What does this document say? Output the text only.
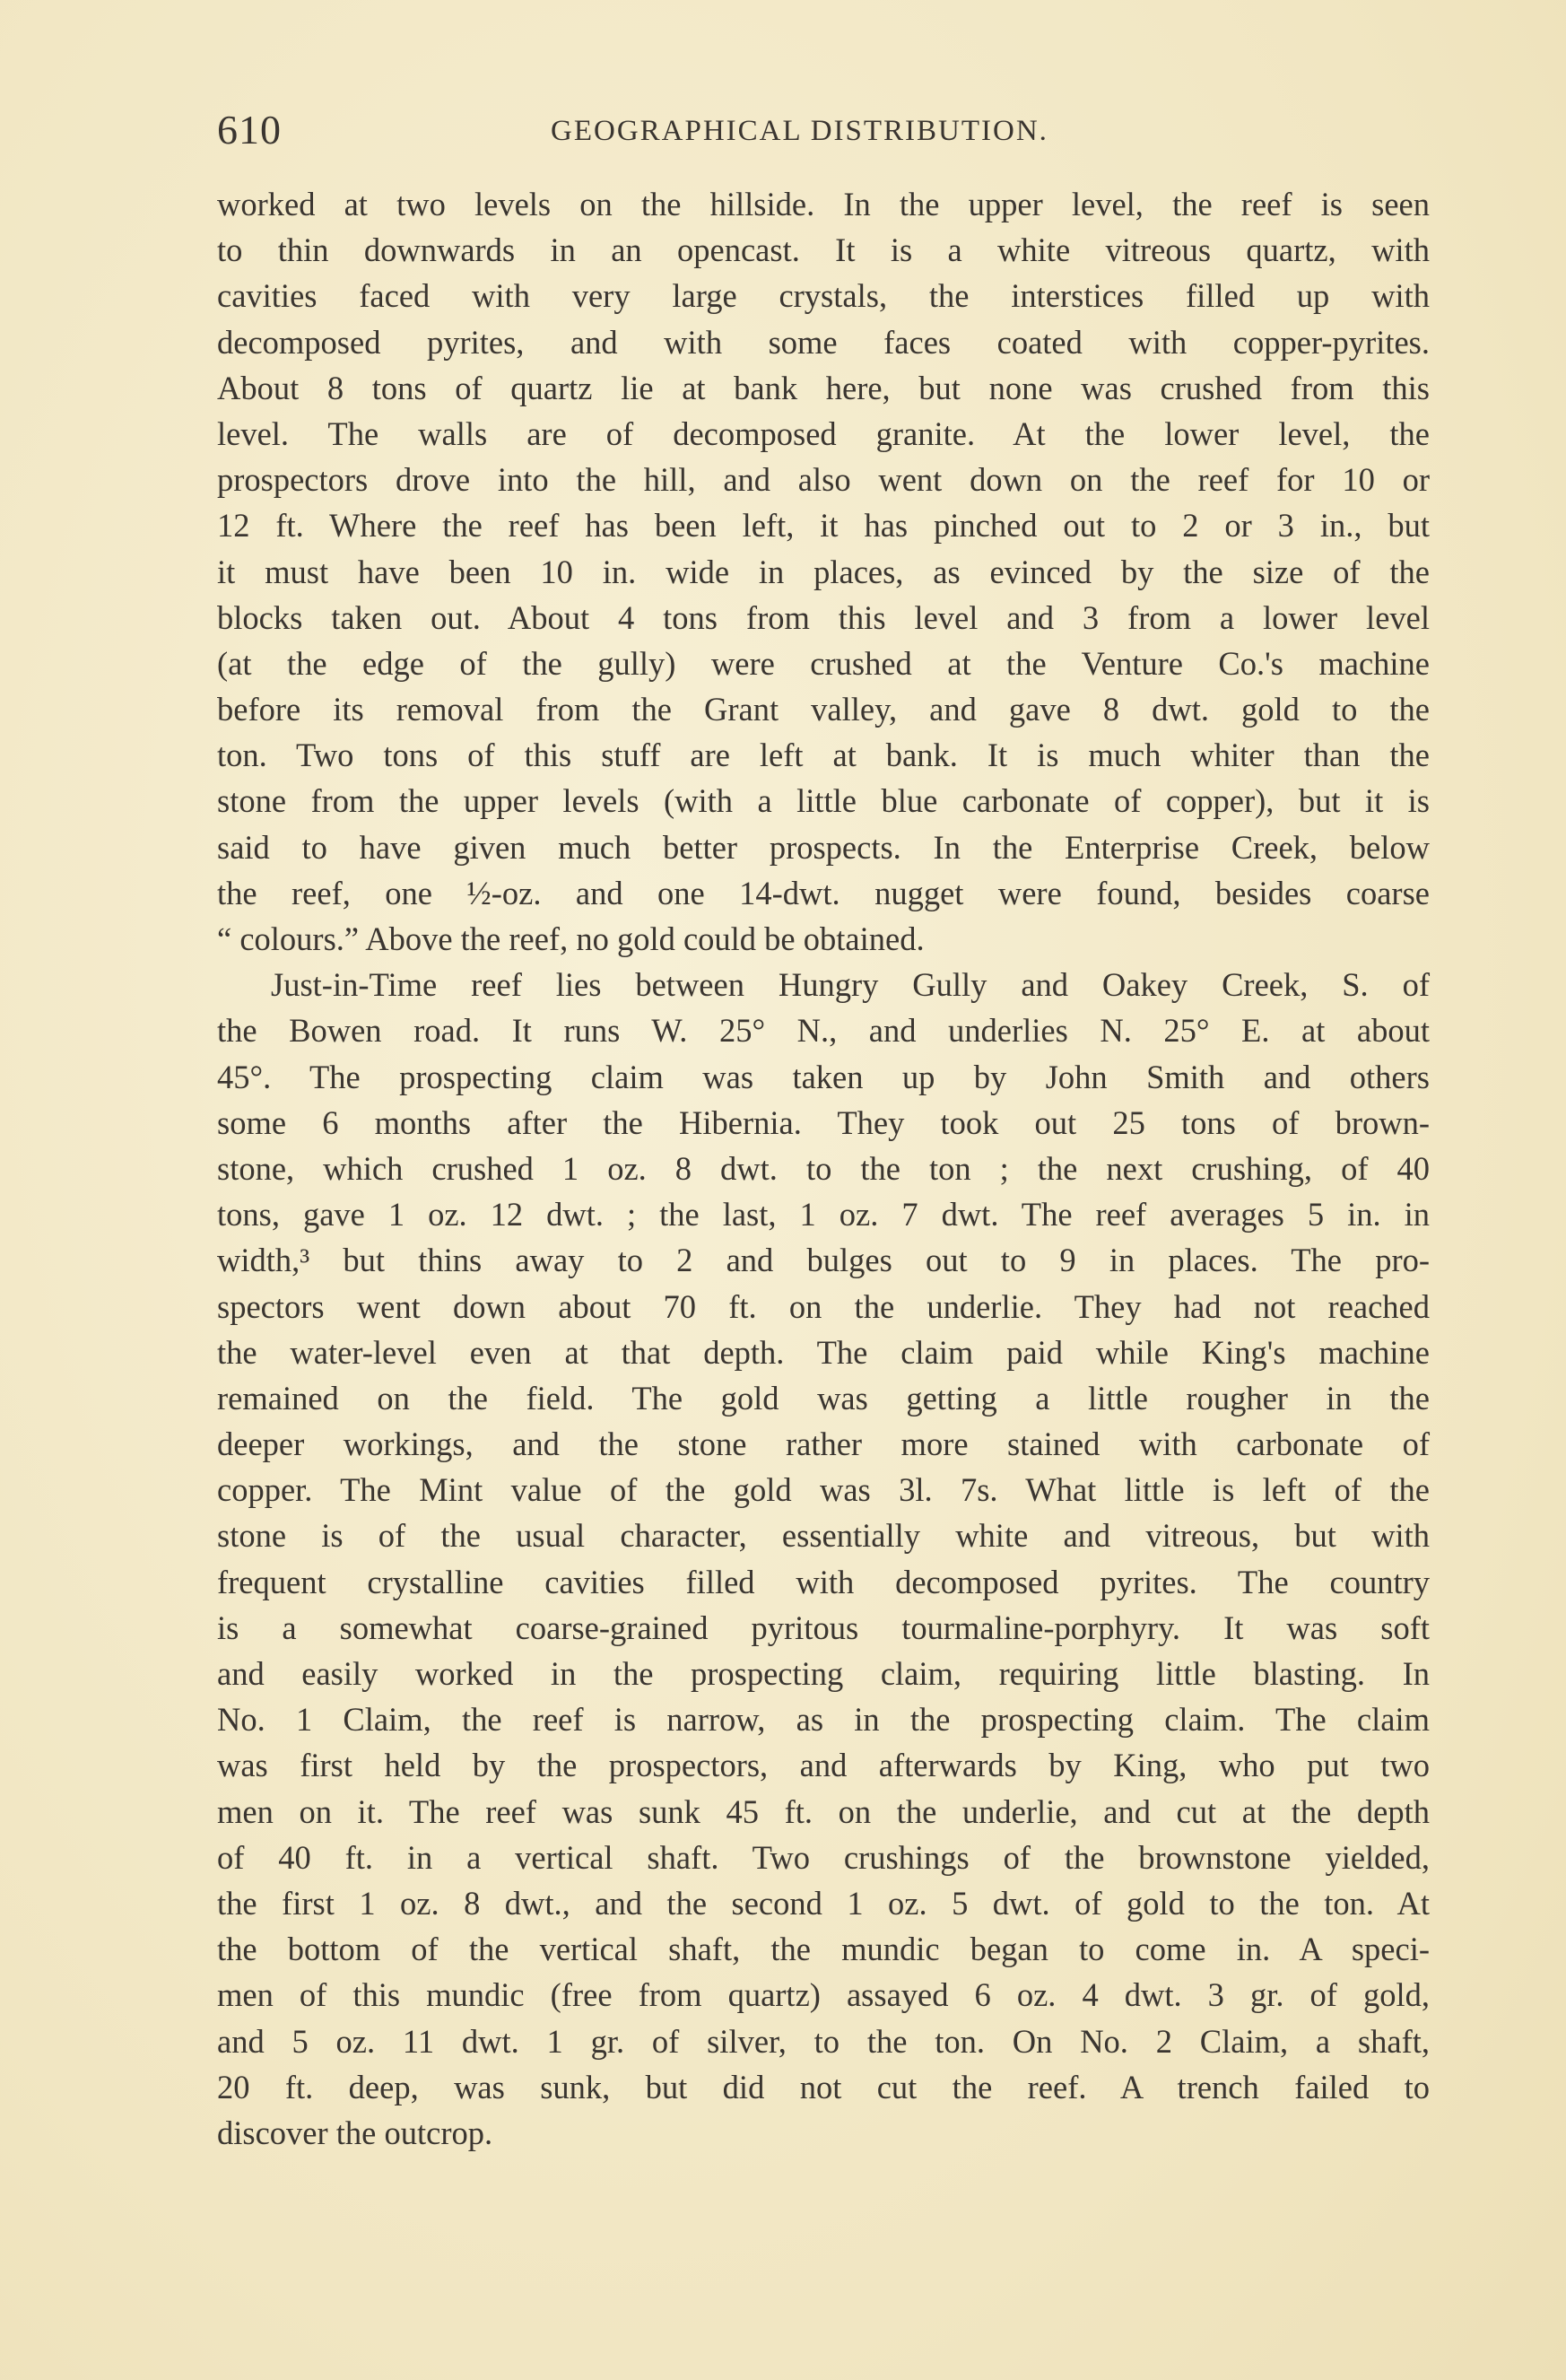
610	GEOGRAPHICAL DISTRIBUTION.
worked at two levels on the hillside. In the upper level, the reef is seen
to thin downwards in an opencast. It is a white vitreous quartz, with
cavities faced with very large crystals, the interstices filled up with
decomposed pyrites, and with some faces coated with copper-pyrites.
About 8 tons of quartz lie at bank here, but none was crushed from this
level. The walls are of decomposed granite. At the lower level, the
prospectors drove into the hill, and also went down on the reef for 10 or
12 ft. Where the reef has been left, it has pinched out to 2 or 3 in., but
it must have been 10 in. wide in places, as evinced by the size of the
blocks taken out. About 4 tons from this level and 3 from a lower level
(at the edge of the gully) were crushed at the Venture Co.'s machine
before its removal from the Grant valley, and gave 8 dwt. gold to the
ton. Two tons of this stuff are left at bank. It is much whiter than the
stone from the upper levels (with a little blue carbonate of copper), but it is
said to have given much better prospects. In the Enterprise Creek, below
the reef, one ½-oz. and one 14-dwt. nugget were found, besides coarse
“ colours.” Above the reef, no gold could be obtained.
Just-in-Time reef lies between Hungry Gully and Oakey Creek, S. of
the Bowen road. It runs W. 25° N., and underlies N. 25° E. at about
45°. The prospecting claim was taken up by John Smith and others
some 6 months after the Hibernia. They took out 25 tons of brown-
stone, which crushed 1 oz. 8 dwt. to the ton ; the next crushing, of 40
tons, gave 1 oz. 12 dwt. ; the last, 1 oz. 7 dwt. The reef averages 5 in. in
width,³ but thins away to 2 and bulges out to 9 in places. The pro-
spectors went down about 70 ft. on the underlie. They had not reached
the water-level even at that depth. The claim paid while King's machine
remained on the field. The gold was getting a little rougher in the
deeper workings, and the stone rather more stained with carbonate of
copper. The Mint value of the gold was 3l. 7s. What little is left of the
stone is of the usual character, essentially white and vitreous, but with
frequent crystalline cavities filled with decomposed pyrites. The country
is a somewhat coarse-grained pyritous tourmaline-porphyry. It was soft
and easily worked in the prospecting claim, requiring little blasting. In
No. 1 Claim, the reef is narrow, as in the prospecting claim. The claim
was first held by the prospectors, and afterwards by King, who put two
men on it. The reef was sunk 45 ft. on the underlie, and cut at the depth
of 40 ft. in a vertical shaft. Two crushings of the brownstone yielded,
the first 1 oz. 8 dwt., and the second 1 oz. 5 dwt. of gold to the ton. At
the bottom of the vertical shaft, the mundic began to come in. A speci-
men of this mundic (free from quartz) assayed 6 oz. 4 dwt. 3 gr. of gold,
and 5 oz. 11 dwt. 1 gr. of silver, to the ton. On No. 2 Claim, a shaft,
20 ft. deep, was sunk, but did not cut the reef. A trench failed to
discover the outcrop.
